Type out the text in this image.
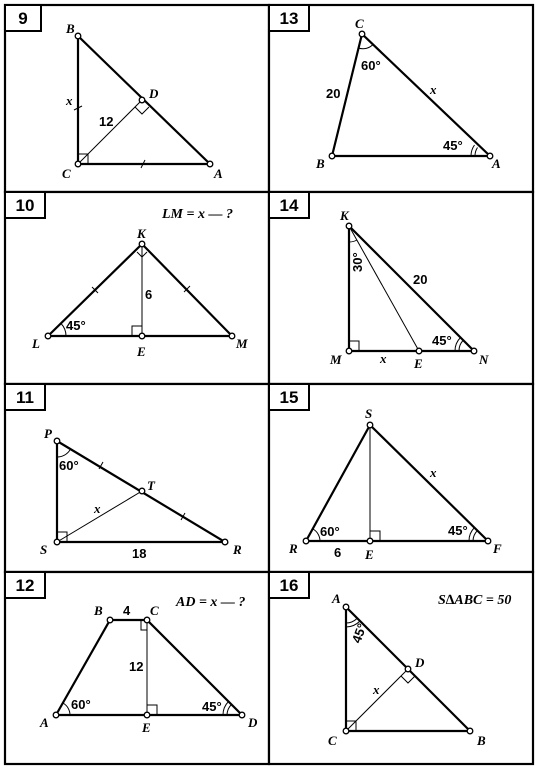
9
B
C
D
A
x
12
13	C
B	A
20
60°
x
45°
10	LM = x — ?
K
L
E
M
45°
6
14
K
M	E	N
30°
20
x
45°
11
P
T
S	R
60°
x
18
15
S
R	E	F
60°
6
x
45°
12
AD = x — ?
B	C
A	E	D
4
12
60°	45°
16
S∆ABC = 50
A
D
C	B
45°
x
